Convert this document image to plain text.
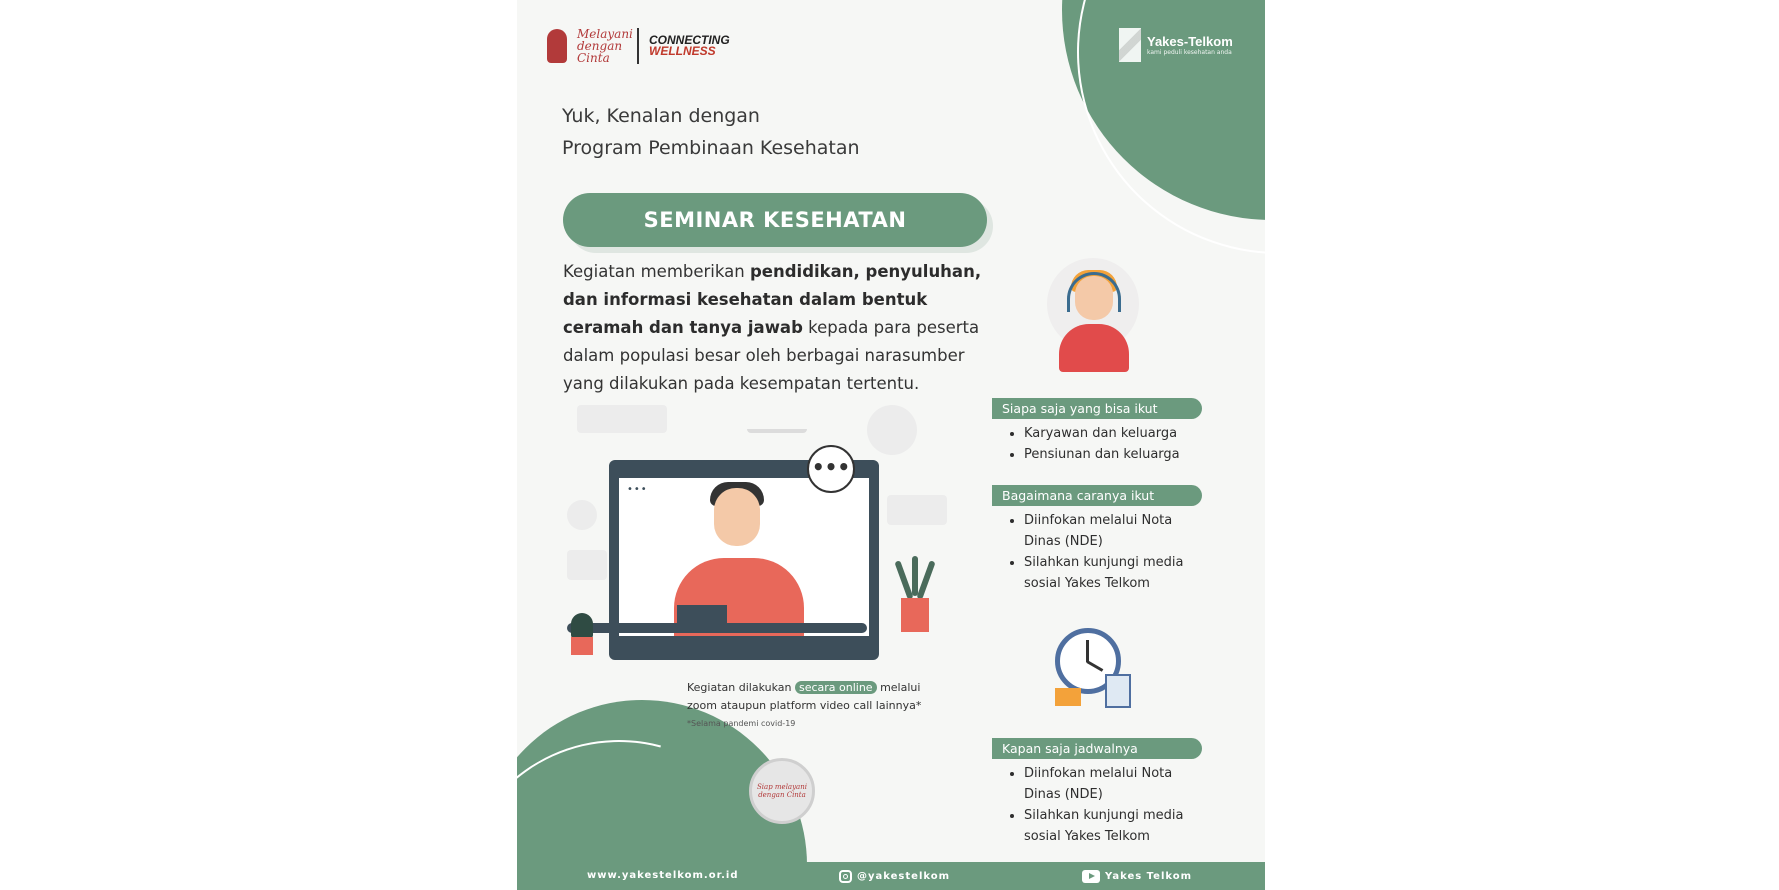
Melayani dengan Cinta
CONNECTING
WELLNESS
Yakes-Telkom
kami peduli kesehatan anda
Yuk, Kenalan dengan
Program Pembinaan Kesehatan
SEMINAR KESEHATAN
Kegiatan memberikan pendidikan, penyuluhan, dan informasi kesehatan dalam bentuk ceramah dan tanya jawab kepada para peserta dalam populasi besar oleh berbagai narasumber yang dilakukan pada kesempatan tertentu.
•••
•••
Kegiatan dilakukan secara online melalui
zoom ataupun platform video call lainnya*
*Selama pandemi covid-19
Siap melayani dengan Cinta
Siapa saja yang bisa ikut
• Karyawan dan keluarga
• Pensiunan dan keluarga
Bagaimana caranya ikut
• Diinfokan melalui Nota Dinas (NDE)
• Silahkan kunjungi media sosial Yakes Telkom
Kapan saja jadwalnya
• Diinfokan melalui Nota Dinas (NDE)
• Silahkan kunjungi media sosial Yakes Telkom
www.yakestelkom.or.id	@yakestelkom	Yakes Telkom
